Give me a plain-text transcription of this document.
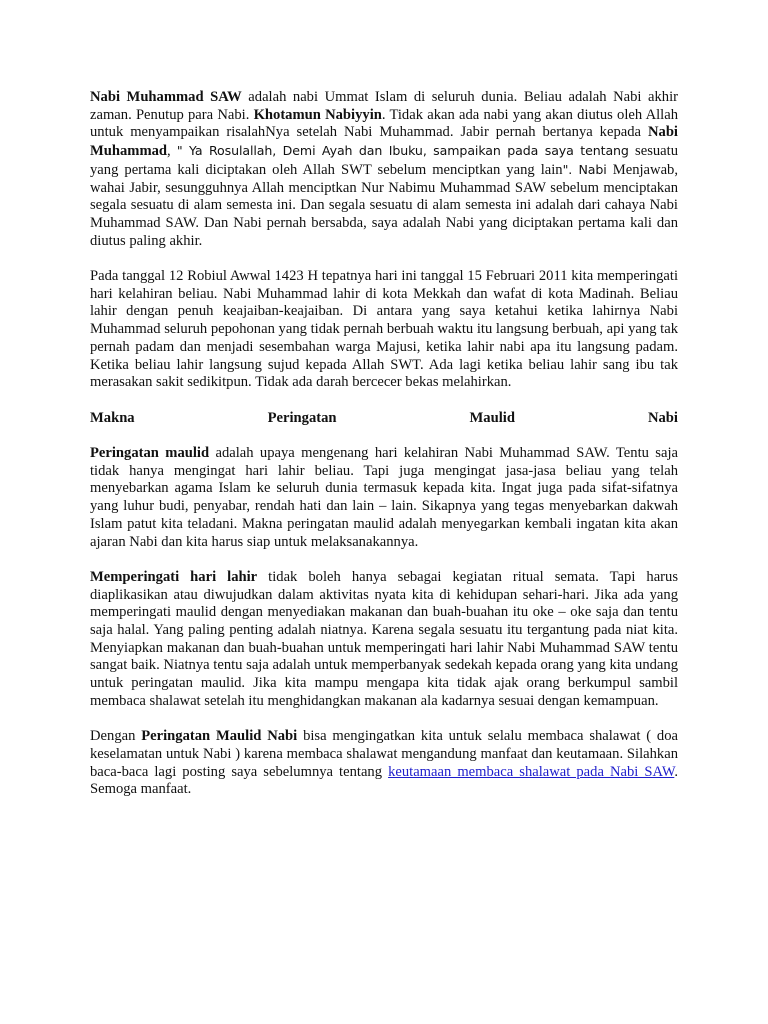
Nabi Muhammad SAW adalah nabi Ummat Islam di seluruh dunia. Beliau adalah Nabi akhir zaman. Penutup para Nabi. Khotamun Nabiyyin. Tidak akan ada nabi yang akan diutus oleh Allah untuk menyampaikan risalahNya setelah Nabi Muhammad. Jabir pernah bertanya kepada Nabi Muhammad, " Ya Rosulallah, Demi Ayah dan Ibuku, sampaikan pada saya tentang sesuatu yang pertama kali diciptakan oleh Allah SWT sebelum menciptkan yang lain". Nabi Menjawab, wahai Jabir, sesungguhnya Allah menciptkan Nur Nabimu Muhammad SAW sebelum menciptakan segala sesuatu di alam semesta ini. Dan segala sesuatu di alam semesta ini adalah dari cahaya Nabi Muhammad SAW. Dan Nabi pernah bersabda, saya adalah Nabi yang diciptakan pertama kali dan diutus paling akhir.

Pada tanggal 12 Robiul Awwal 1423 H tepatnya hari ini tanggal 15 Februari 2011 kita memperingati hari kelahiran beliau. Nabi Muhammad lahir di kota Mekkah dan wafat di kota Madinah. Beliau lahir dengan penuh keajaiban-keajaiban. Di antara yang saya ketahui ketika lahirnya Nabi Muhammad seluruh pepohonan yang tidak pernah berbuah waktu itu langsung berbuah, api yang tak pernah padam dan menjadi sesembahan warga Majusi, ketika lahir nabi apa itu langsung padam. Ketika beliau lahir langsung sujud kepada Allah SWT. Ada lagi ketika beliau lahir sang ibu tak merasakan sakit sedikitpun. Tidak ada darah bercecer bekas melahirkan.

Makna	Peringatan	Maulid	Nabi

Peringatan maulid adalah upaya mengenang hari kelahiran Nabi Muhammad SAW. Tentu saja tidak hanya mengingat hari lahir beliau. Tapi juga mengingat jasa-jasa beliau yang telah menyebarkan agama Islam ke seluruh dunia termasuk kepada kita. Ingat juga pada sifat-sifatnya yang luhur budi, penyabar, rendah hati dan lain – lain. Sikapnya yang tegas menyebarkan dakwah Islam patut kita teladani. Makna peringatan maulid adalah menyegarkan kembali ingatan kita akan ajaran Nabi dan kita harus siap untuk melaksanakannya.

Memperingati hari lahir tidak boleh hanya sebagai kegiatan ritual semata. Tapi harus diaplikasikan atau diwujudkan dalam aktivitas nyata kita di kehidupan sehari-hari. Jika ada yang memperingati maulid dengan menyediakan makanan dan buah-buahan itu oke – oke saja dan tentu saja halal. Yang paling penting adalah niatnya. Karena segala sesuatu itu tergantung pada niat kita. Menyiapkan makanan dan buah-buahan untuk memperingati hari lahir Nabi Muhammad SAW tentu sangat baik. Niatnya tentu saja adalah untuk memperbanyak sedekah kepada orang yang kita undang untuk peringatan maulid. Jika kita mampu mengapa kita tidak ajak orang berkumpul sambil membaca shalawat setelah itu menghidangkan makanan ala kadarnya sesuai dengan kemampuan.

Dengan Peringatan Maulid Nabi bisa mengingatkan kita untuk selalu membaca shalawat ( doa keselamatan untuk Nabi ) karena membaca shalawat mengandung manfaat dan keutamaan. Silahkan baca-baca lagi posting saya sebelumnya tentang keutamaan membaca shalawat pada Nabi SAW. Semoga manfaat.
